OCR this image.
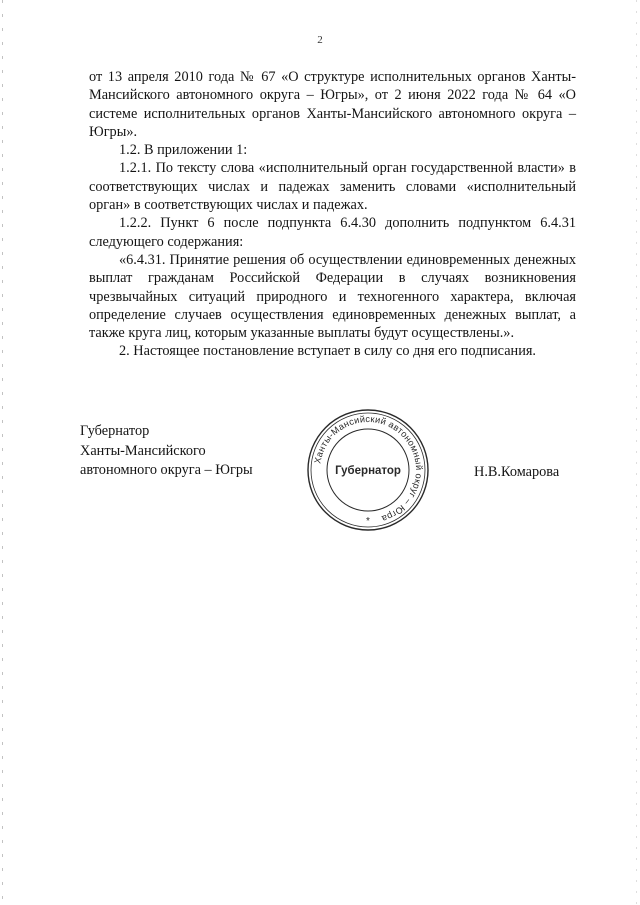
2

от 13 апреля 2010 года № 67 «О структуре исполнительных органов Ханты-Мансийского автономного округа – Югры», от 2 июня 2022 года № 64 «О системе исполнительных органов Ханты-Мансийского автономного округа – Югры».

1.2. В приложении 1:

1.2.1. По тексту слова «исполнительный орган государственной власти» в соответствующих числах и падежах заменить словами «исполнительный орган» в соответствующих числах и падежах.

1.2.2. Пункт 6 после подпункта 6.4.30 дополнить подпунктом 6.4.31 следующего содержания:

«6.4.31. Принятие решения об осуществлении единовременных денежных выплат гражданам Российской Федерации в случаях возникновения чрезвычайных ситуаций природного и техногенного характера, включая определение случаев осуществления единовременных денежных выплат, а также круга лиц, которым указанные выплаты будут осуществлены.».

2. Настоящее постановление вступает в силу со дня его подписания.

Губернатор
Ханты-Мансийского
автономного округа – Югры
Ханты-Мансийский автономный округ – Югра
Губернатор
*
Н.В.Комарова
